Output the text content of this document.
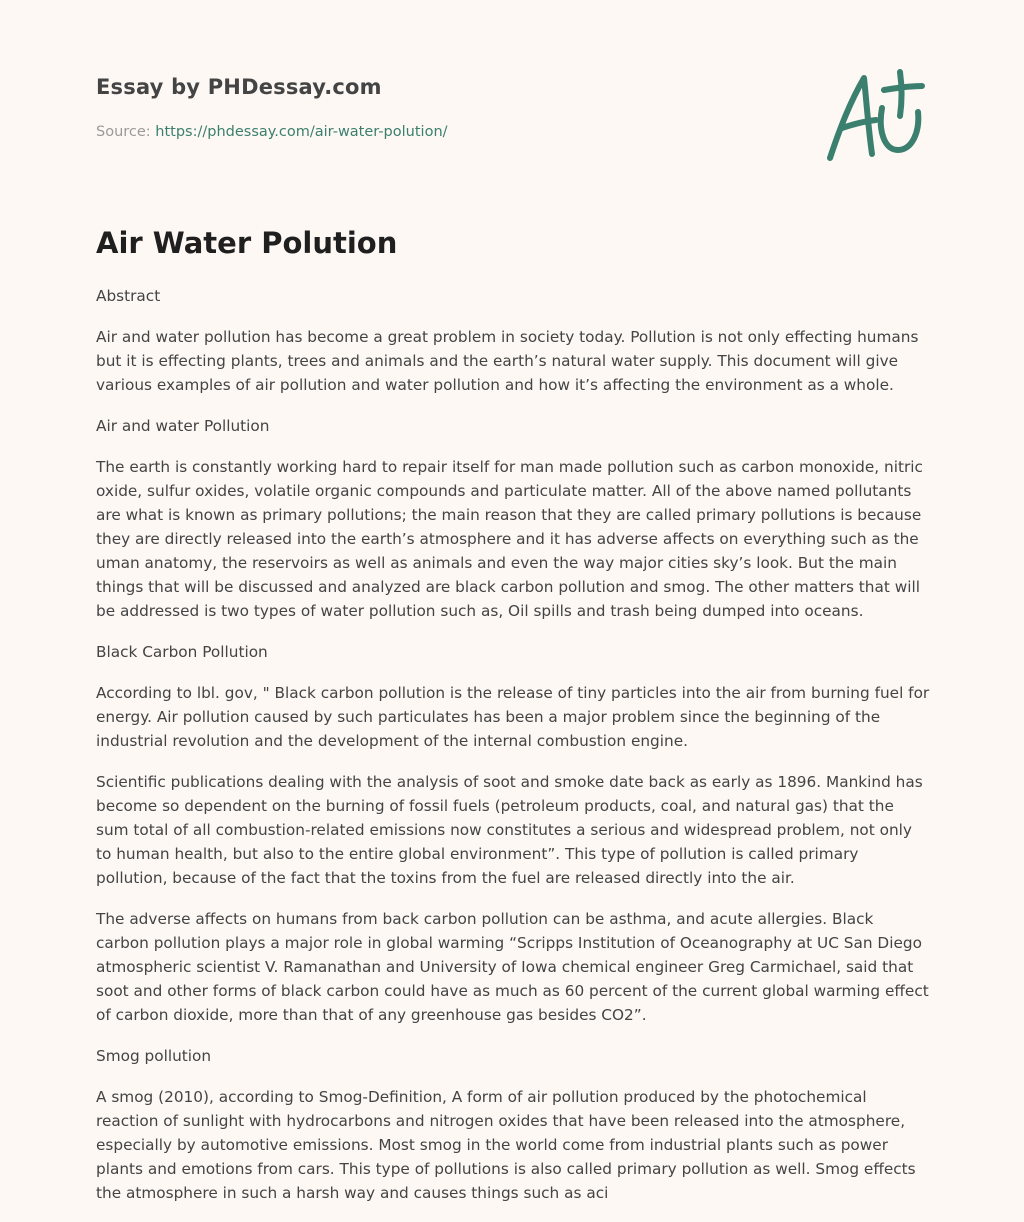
Essay by PHDessay.com
Source: https://phdessay.com/air-water-polution/
Air Water Polution
Abstract

Air and water pollution has become a great problem in society today. Pollution is not only effecting humans but it is effecting plants, trees and animals and the earth’s natural water supply. This document will give various examples of air pollution and water pollution and how it’s affecting the environment as a whole.

Air and water Pollution

The earth is constantly working hard to repair itself for man made pollution such as carbon monoxide, nitric oxide, sulfur oxides, volatile organic compounds and particulate matter. All of the above named pollutants are what is known as primary pollutions; the main reason that they are called primary pollutions is because they are directly released into the earth’s atmosphere and it has adverse affects on everything such as the uman anatomy, the reservoirs as well as animals and even the way major cities sky’s look. But the main things that will be discussed and analyzed are black carbon pollution and smog. The other matters that will be addressed is two types of water pollution such as, Oil spills and trash being dumped into oceans.

Black Carbon Pollution

According to lbl. gov, " Black carbon pollution is the release of tiny particles into the air from burning fuel for energy. Air pollution caused by such particulates has been a major problem since the beginning of the industrial revolution and the development of the internal combustion engine.

Scientific publications dealing with the analysis of soot and smoke date back as early as 1896. Mankind has become so dependent on the burning of fossil fuels (petroleum products, coal, and natural gas) that the sum total of all combustion-related emissions now constitutes a serious and widespread problem, not only to human health, but also to the entire global environment”. This type of pollution is called primary pollution, because of the fact that the toxins from the fuel are released directly into the air.

The adverse affects on humans from back carbon pollution can be asthma, and acute allergies. Black carbon pollution plays a major role in global warming “Scripps Institution of Oceanography at UC San Diego atmospheric scientist V. Ramanathan and University of Iowa chemical engineer Greg Carmichael, said that soot and other forms of black carbon could have as much as 60 percent of the current global warming effect of carbon dioxide, more than that of any greenhouse gas besides CO2”.

Smog pollution

A smog (2010), according to Smog-Definition, A form of air pollution produced by the photochemical reaction of sunlight with hydrocarbons and nitrogen oxides that have been released into the atmosphere, especially by automotive emissions. Most smog in the world come from industrial plants such as power plants and emotions from cars. This type of pollutions is also called primary pollution as well. Smog effects the atmosphere in such a harsh way and causes things such as aci
